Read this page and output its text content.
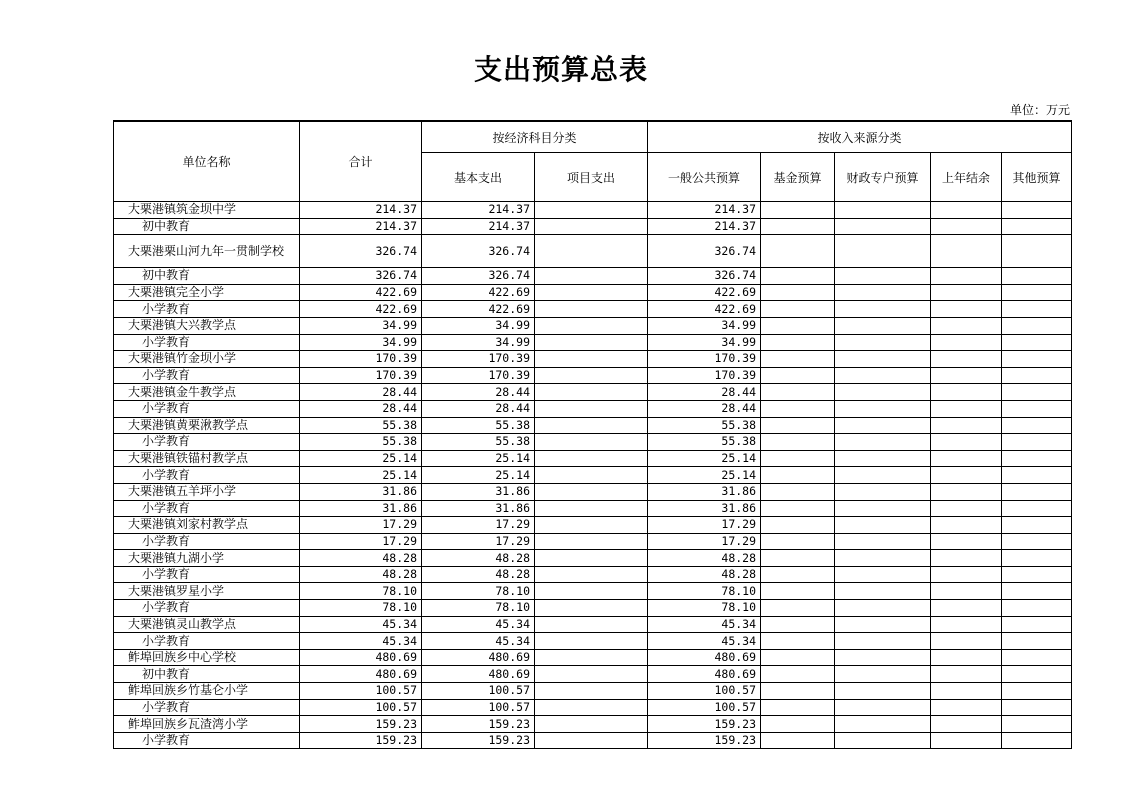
支出预算总表
单位：万元
单位名称	合计	按经济科目分类		按收入来源分类				
		基本支出	项目支出	一般公共预算	基金预算	财政专户预算	上年结余	其他预算
大栗港镇筑金坝中学	214.37	214.37		214.37				
初中教育	214.37	214.37		214.37				
大栗港栗山河九年一贯制学校	326.74	326.74		326.74				
初中教育	326.74	326.74		326.74				
大栗港镇完全小学	422.69	422.69		422.69				
小学教育	422.69	422.69		422.69				
大栗港镇大兴教学点	34.99	34.99		34.99				
小学教育	34.99	34.99		34.99				
大栗港镇竹金坝小学	170.39	170.39		170.39				
小学教育	170.39	170.39		170.39				
大栗港镇金牛教学点	28.44	28.44		28.44				
小学教育	28.44	28.44		28.44				
大栗港镇黄栗湫教学点	55.38	55.38		55.38				
小学教育	55.38	55.38		55.38				
大栗港镇铁锚村教学点	25.14	25.14		25.14				
小学教育	25.14	25.14		25.14				
大栗港镇五羊坪小学	31.86	31.86		31.86				
小学教育	31.86	31.86		31.86				
大栗港镇刘家村教学点	17.29	17.29		17.29				
小学教育	17.29	17.29		17.29				
大栗港镇九湖小学	48.28	48.28		48.28				
小学教育	48.28	48.28		48.28				
大栗港镇罗星小学	78.10	78.10		78.10				
小学教育	78.10	78.10		78.10				
大栗港镇灵山教学点	45.34	45.34		45.34				
小学教育	45.34	45.34		45.34				
鲊埠回族乡中心学校	480.69	480.69		480.69				
初中教育	480.69	480.69		480.69				
鲊埠回族乡竹基仑小学	100.57	100.57		100.57				
小学教育	100.57	100.57		100.57				
鲊埠回族乡瓦渣湾小学	159.23	159.23		159.23				
小学教育	159.23	159.23		159.23				
